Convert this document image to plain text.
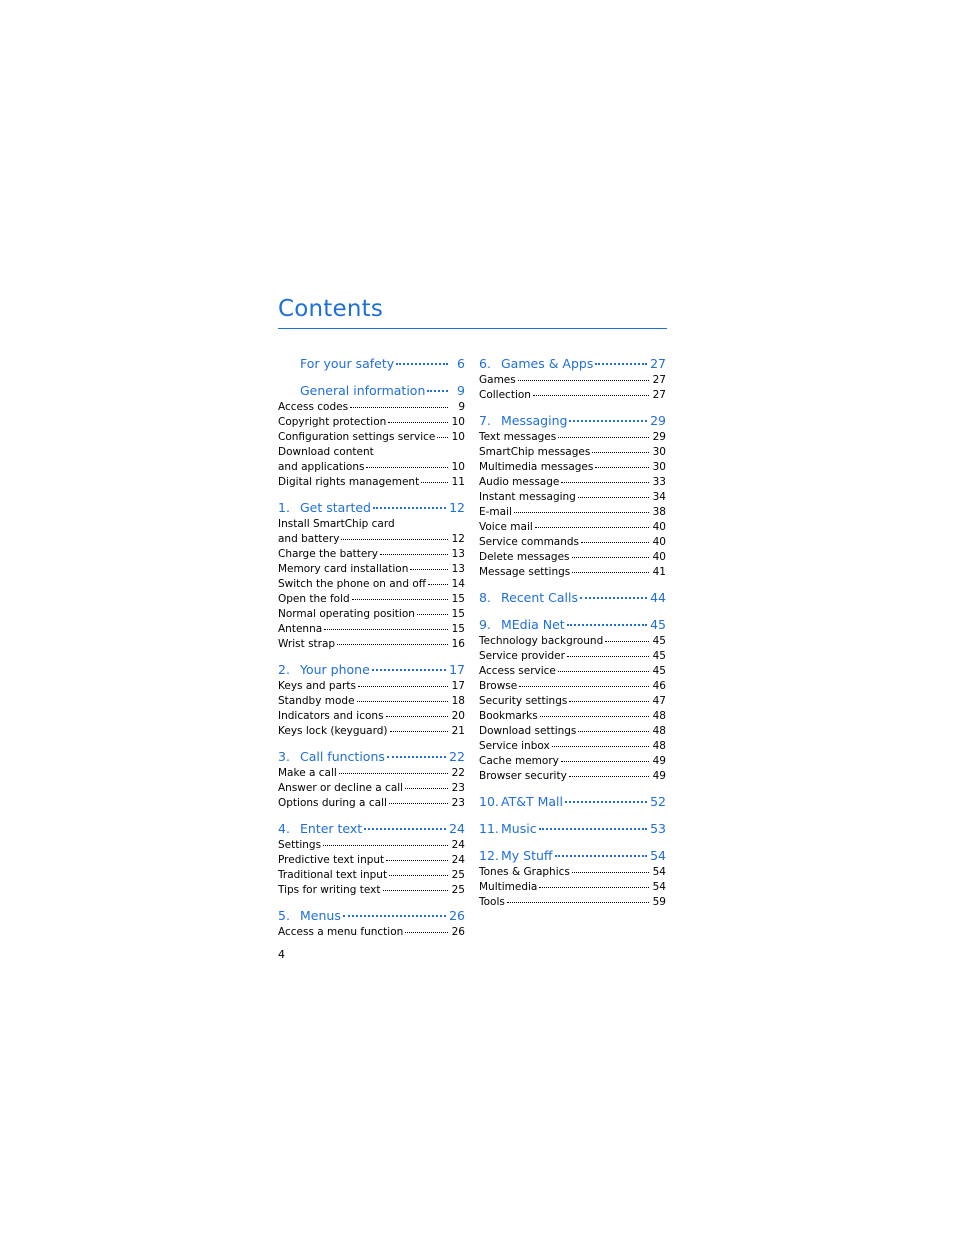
Contents
For your safety	6
General information	9
Access codes	9
Copyright protection	10
Configuration settings service 10
Download content
and applications	10
Digital rights management	11
1. Get started	12
Install SmartChip card
and battery	12
Charge the battery	13
Memory card installation	13
Switch the phone on and off 14
Open the fold	15
Normal operating position	15
Antenna	15
Wrist strap	16
2. Your phone	17
Keys and parts	17
Standby mode	18
Indicators and icons	20
Keys lock (keyguard)	21
3. Call functions	22
Make a call	22
Answer or decline a call	23
Options during a call	23
4. Enter text	24
Settings	24
Predictive text input	24
Traditional text input	25
Tips for writing text	25
5. Menus	26
Access a menu function	26
6. Games & Apps	27
Games	27
Collection	27
7. Messaging	29
Text messages	29
SmartChip messages	30
Multimedia messages	30
Audio message	33
Instant messaging	34
E-mail	38
Voice mail	40
Service commands	40
Delete messages	40
Message settings	41
8. Recent Calls	44
9. MEdia Net	45
Technology background	45
Service provider	45
Access service	45
Browse	46
Security settings	47
Bookmarks	48
Download settings	48
Service inbox	48
Cache memory	49
Browser security	49
10. AT&T Mall	52
11. Music	53
12. My Stuff	54
Tones & Graphics	54
Multimedia	54
Tools	59

4
